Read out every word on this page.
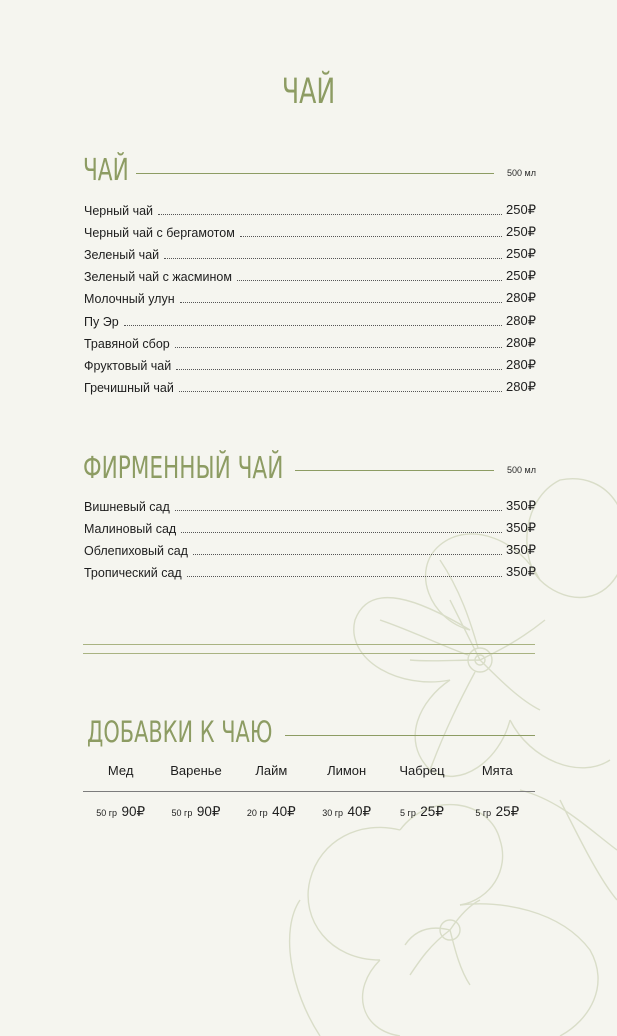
ЧАЙ
ЧАЙ	500 мл
Черный чай	250₽
Черный чай с бергамотом	250₽
Зеленый чай	250₽
Зеленый чай с жасмином	250₽
Молочный улун	280₽
Пу Эр	280₽
Травяной сбор	280₽
Фруктовый чай	280₽
Гречишный чай	280₽
ФИРМЕННЫЙ ЧАЙ	500 мл
Вишневый сад	350₽
Малиновый сад	350₽
Облепиховый сад	350₽
Тропический сад	350₽
ДОБАВКИ К ЧАЮ
Мед	Варенье	Лайм	Лимон	Чабрец	Мята
50 гр 90₽	50 гр 90₽	20 гр 40₽	30 гр 40₽	5 гр 25₽	5 гр 25₽
